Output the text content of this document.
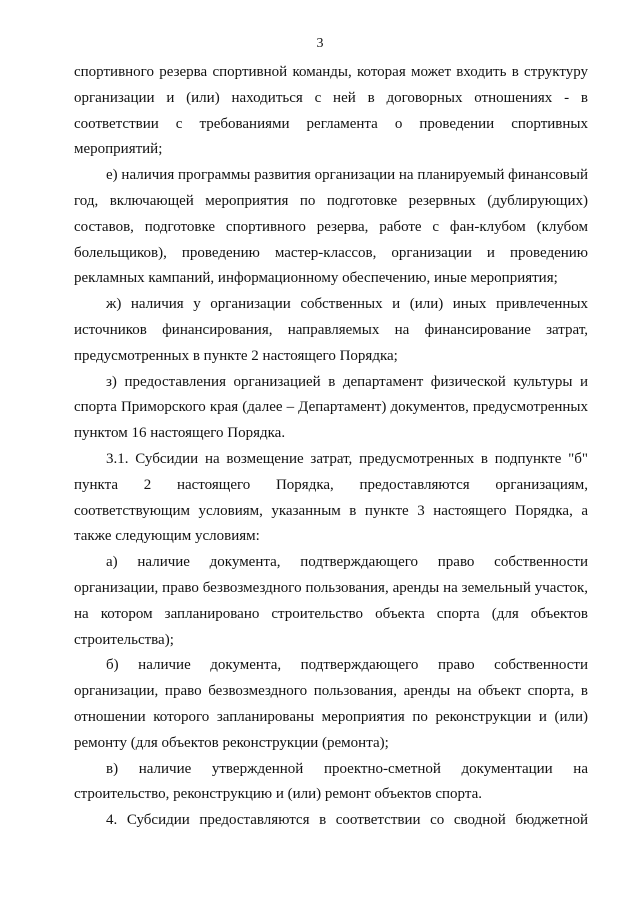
3

спортивного резерва спортивной команды, которая может входить в структуру организации и (или) находиться с ней в договорных отношениях - в соответствии с требованиями регламента о проведении спортивных мероприятий;

е) наличия программы развития организации на планируемый финансовый год, включающей мероприятия по подготовке резервных (дублирующих) составов, подготовке спортивного резерва, работе с фан-клубом (клубом болельщиков), проведению мастер-классов, организации и проведению рекламных кампаний, информационному обеспечению, иные мероприятия;

ж) наличия у организации собственных и (или) иных привлеченных источников финансирования, направляемых на финансирование затрат, предусмотренных в пункте 2 настоящего Порядка;

з) предоставления организацией в департамент физической культуры и спорта Приморского края (далее – Департамент) документов, предусмотренных пунктом 16 настоящего Порядка.

3.1. Субсидии на возмещение затрат, предусмотренных в подпункте "б" пункта 2 настоящего Порядка, предоставляются организациям, соответствующим условиям, указанным в пункте 3 настоящего Порядка, а также следующим условиям:

а) наличие документа, подтверждающего право собственности организации, право безвозмездного пользования, аренды на земельный участок, на котором запланировано строительство объекта спорта (для объектов строительства);

б) наличие документа, подтверждающего право собственности организации, право безвозмездного пользования, аренды на объект спорта, в отношении которого запланированы мероприятия по реконструкции и (или) ремонту (для объектов реконструкции (ремонта);

в) наличие утвержденной проектно-сметной документации на строительство, реконструкцию и (или) ремонт объектов спорта.

4. Субсидии предоставляются в соответствии со сводной бюджетной
